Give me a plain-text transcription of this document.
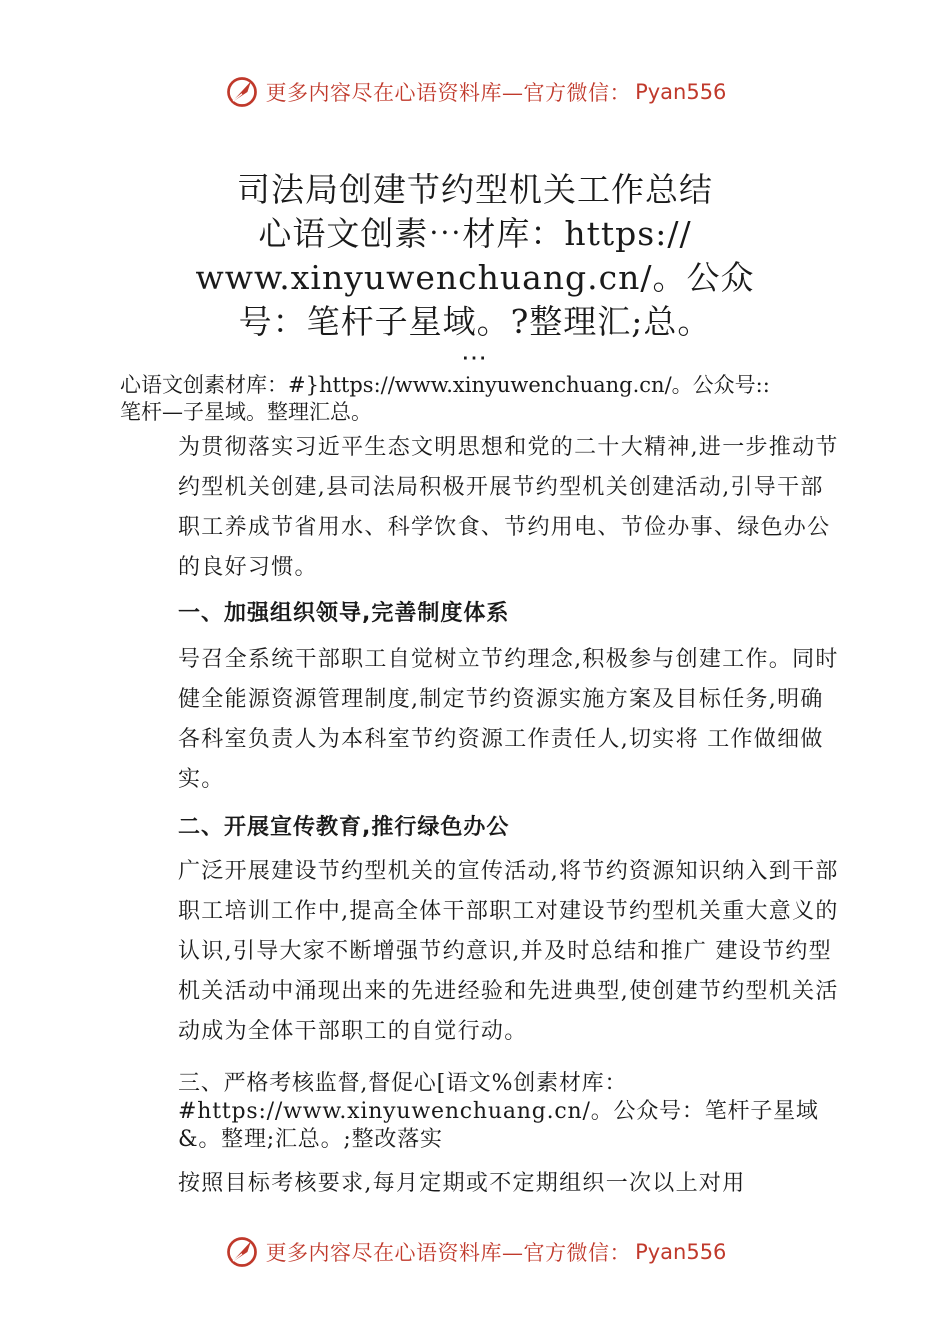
更多内容尽在心语资料库—官方微信： Pyan556
司法局创建节约型机关工作总结
心语文创素⋯材库：https://
www.xinyuwenchuang.cn/。公众
号：笔杆子星域。?整理汇;总。
⋯
心语文创素材库：#}https://www.xinyuwenchuang.cn/。公众号::
笔杆—子星域。整理汇总。
为贯彻落实习近平生态文明思想和党的二十大精神,进一步推动节约型机关创建,县司法局积极开展节约型机关创建活动,引导干部职工养成节省用水、科学饮食、节约用电、节俭办事、绿色办公的良好习惯。
一、加强组织领导,完善制度体系
号召全系统干部职工自觉树立节约理念,积极参与创建工作。同时健全能源资源管理制度,制定节约资源实施方案及目标任务,明确各科室负责人为本科室节约资源工作责任人,切实将 工作做细做实。
二、开展宣传教育,推行绿色办公
广泛开展建设节约型机关的宣传活动,将节约资源知识纳入到干部职工培训工作中,提高全体干部职工对建设节约型机关重大意义的认识,引导大家不断增强节约意识,并及时总结和推广 建设节约型机关活动中涌现出来的先进经验和先进典型,使创建节约型机关活动成为全体干部职工的自觉行动。
三、严格考核监督,督促心[语文%创素材库：#https://www.xinyuwenchuang.cn/。公众号：笔杆子星域&。整理;汇总。;整改落实
按照目标考核要求,每月定期或不定期组织一次以上对用
更多内容尽在心语资料库—官方微信： Pyan556
